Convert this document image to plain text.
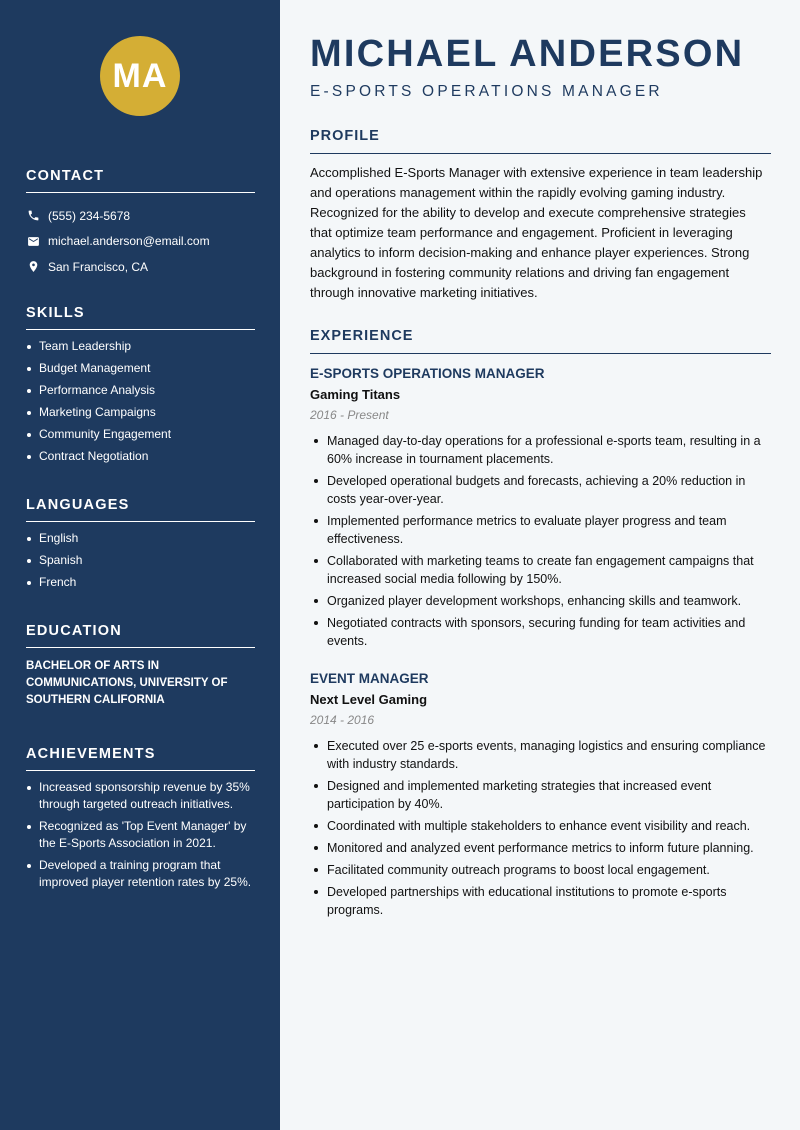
MA
CONTACT
(555) 234-5678
michael.anderson@email.com
San Francisco, CA
SKILLS
Team Leadership
Budget Management
Performance Analysis
Marketing Campaigns
Community Engagement
Contract Negotiation
LANGUAGES
English
Spanish
French
EDUCATION
BACHELOR OF ARTS IN COMMUNICATIONS, UNIVERSITY OF SOUTHERN CALIFORNIA
ACHIEVEMENTS
Increased sponsorship revenue by 35% through targeted outreach initiatives.
Recognized as 'Top Event Manager' by the E-Sports Association in 2021.
Developed a training program that improved player retention rates by 25%.
MICHAEL ANDERSON
E-SPORTS OPERATIONS MANAGER
PROFILE
Accomplished E-Sports Manager with extensive experience in team leadership and operations management within the rapidly evolving gaming industry. Recognized for the ability to develop and execute comprehensive strategies that optimize team performance and engagement. Proficient in leveraging analytics to inform decision-making and enhance player experiences. Strong background in fostering community relations and driving fan engagement through innovative marketing initiatives.
EXPERIENCE
E-SPORTS OPERATIONS MANAGER
Gaming Titans
2016 - Present
Managed day-to-day operations for a professional e-sports team, resulting in a 60% increase in tournament placements.
Developed operational budgets and forecasts, achieving a 20% reduction in costs year-over-year.
Implemented performance metrics to evaluate player progress and team effectiveness.
Collaborated with marketing teams to create fan engagement campaigns that increased social media following by 150%.
Organized player development workshops, enhancing skills and teamwork.
Negotiated contracts with sponsors, securing funding for team activities and events.
EVENT MANAGER
Next Level Gaming
2014 - 2016
Executed over 25 e-sports events, managing logistics and ensuring compliance with industry standards.
Designed and implemented marketing strategies that increased event participation by 40%.
Coordinated with multiple stakeholders to enhance event visibility and reach.
Monitored and analyzed event performance metrics to inform future planning.
Facilitated community outreach programs to boost local engagement.
Developed partnerships with educational institutions to promote e-sports programs.
